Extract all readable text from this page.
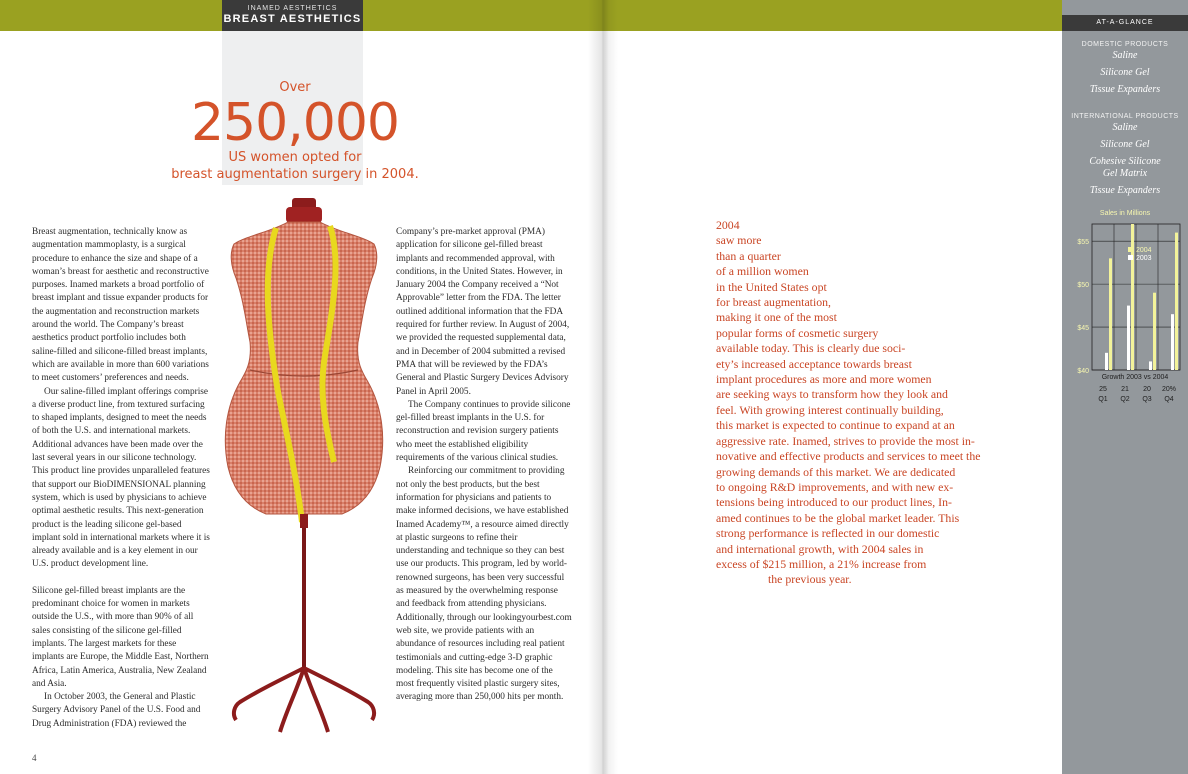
INAMED AESTHETICS
BREAST AESTHETICS
Over
250,000
US women opted for
breast augmentation surgery in 2004.

Breast augmentation, technically know as augmentation mammoplasty, is a surgical procedure to enhance the size and shape of a woman’s breast for aesthetic and reconstructive purposes. Inamed markets a broad portfolio of breast implant and tissue expander products for the augmentation and reconstruction markets around the world. The Company’s breast aesthetics product portfolio includes both saline-filled and silicone-filled breast implants, which are available in more than 600 variations to meet customers’ preferences and needs.

Our saline-filled implant offerings comprise a diverse product line, from textured surfacing to shaped implants, designed to meet the needs of both the U.S. and international markets. Additional advances have been made over the last several years in our silicone technology. This product line provides unparalleled features that support our BioDIMENSIONAL planning system, which is used by physicians to achieve optimal aesthetic results. This next-generation product is the leading silicone gel-based implant sold in international markets where it is already available and is a key element in our U.S. product development line.

Silicone gel-filled breast implants are the predominant choice for women in markets outside the U.S., with more than 90% of all sales consisting of the silicone gel-filled implants. The largest markets for these implants are Europe, the Middle East, Northern Africa, Latin America, Australia, New Zealand and Asia.

In October 2003, the General and Plastic Surgery Advisory Panel of the U.S. Food and Drug Administration (FDA) reviewed the

Company’s pre-market approval (PMA) application for silicone gel-filled breast implants and recommended approval, with conditions, in the United States. However, in January 2004 the Company received a “Not Approvable” letter from the FDA. The letter outlined additional information that the FDA required for further review. In August of 2004, we provided the requested supplemental data, and in December of 2004 submitted a revised PMA that will be reviewed by the FDA’s General and Plastic Surgery Devices Advisory Panel in April 2005.

The Company continues to provide silicone gel-filled breast implants in the U.S. for reconstruction and revision surgery patients who meet the established eligibility requirements of the various clinical studies.

Reinforcing our commitment to providing not only the best products, but the best information for physicians and patients to make informed decisions, we have established Inamed Academy™, a resource aimed directly at plastic surgeons to refine their understanding and technique so they can best use our products. This program, led by world-renowned surgeons, has been very successful as measured by the overwhelming response and feedback from attending physicians. Additionally, through our lookingyourbest.com web site, we provide patients with an abundance of resources including real patient testimonials and cutting-edge 3-D graphic modeling. This site has become one of the most frequently visited plastic surgery sites, averaging more than 250,000 hits per month.

4
2004
saw more
than a quarter
of a million women
in the United States opt
for breast augmentation,
making it one of the most
popular forms of cosmetic surgery
available today. This is clearly due soci-
ety’s increased acceptance towards breast
implant procedures as more and more women
are seeking ways to transform how they look and
feel. With growing interest continually building,
this market is expected to continue to expand at an
aggressive rate. Inamed, strives to provide the most in-
novative and effective products and services to meet the
growing demands of this market. We are dedicated
to ongoing R&D improvements, and with new ex-
tensions being introduced to our product lines, In-
amed continues to be the global market leader. This
strong performance is reflected in our domestic
and international growth, with 2004 sales in
excess of $215 million, a 21% increase from
the previous year.
AT-A-GLANCE
DOMESTIC PRODUCTS
Saline
Silicone Gel
Tissue Expanders
INTERNATIONAL PRODUCTS
Saline
Silicone Gel
Cohesive Silicone Gel Matrix
Tissue Expanders
Sales in Millions
$40
$45
$50
$55
2004
2003
Growth 2003 vs 2004
25	21	20	20%
Q1	Q2	Q3	Q4
